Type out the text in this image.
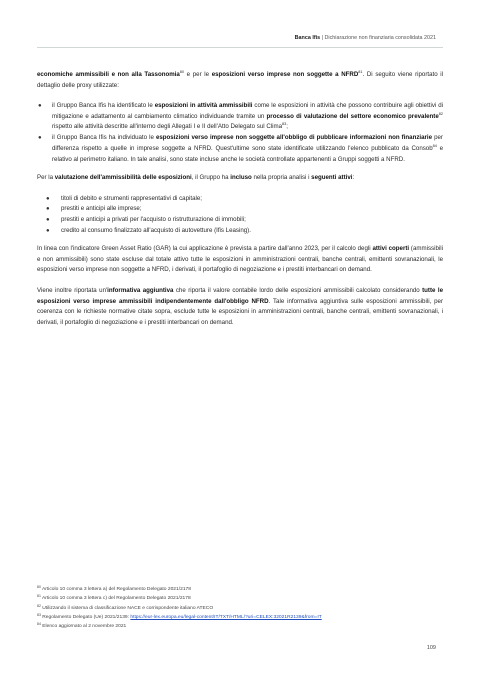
Banca Ifis | Dichiarazione non finanziaria consolidata 2021

economiche ammissibili e non alla Tassonomia$^{80}$ e per le esposizioni verso imprese non soggette a NFRD$^{81}$. Di seguito viene riportato il dettaglio delle proxy utilizzate:

● il Gruppo Banca Ifis ha identificato le esposizioni in attività ammissibili come le esposizioni in attività che possono contribuire agli obiettivi di mitigazione e adattamento al cambiamento climatico individuande tramite un processo di valutazione del settore economico prevalente$^{82}$ rispetto alle attività descritte all'interno degli Allegati I e II dell'Atto Delegato sul Clima$^{83}$;
● il Gruppo Banca Ifis ha individuato le esposizioni verso imprese non soggette all'obbligo di pubblicare informazioni non finanziarie per differenza rispetto a quelle in imprese soggette a NFRD. Quest'ultime sono state identificate utilizzando l'elenco pubblicato da Consob$^{84}$ e relativo al perimetro italiano. In tale analisi, sono state incluse anche le società controllate appartenenti a Gruppi soggetti a NFRD.

Per la valutazione dell'ammissibilità delle esposizioni, il Gruppo ha incluso nella propria analisi i seguenti attivi:

● titoli di debito e strumenti rappresentativi di capitale;
● prestiti e anticipi alle imprese;
● prestiti e anticipi a privati per l'acquisto o ristrutturazione di immobili;
● credito al consumo finalizzato all'acquisto di autovetture (Ifis Leasing).

In linea con l'indicatore Green Asset Ratio (GAR) la cui applicazione è prevista a partire dall'anno 2023, per il calcolo degli attivi coperti (ammissibili e non ammissibili) sono state escluse dal totale attivo tutte le esposizioni in amministrazioni centrali, banche centrali, emittenti sovranazionali, le esposizioni verso imprese non soggette a NFRD, i derivati, il portafoglio di negoziazione e i prestiti interbancari on demand.

Viene inoltre riportata un'informativa aggiuntiva che riporta il valore contabile lordo delle esposizioni ammissibili calcolato considerando tutte le esposizioni verso imprese ammissibili indipendentemente dall'obbligo NFRD. Tale informativa aggiuntiva sulle esposizioni ammissibili, per coerenza con le richieste normative citate sopra, esclude tutte le esposizioni in amministrazioni centrali, banche centrali, emittenti sovranazionali, i derivati, il portafoglio di negoziazione e i prestiti interbancari on demand.

$^{80}$ Articolo 10 comma 3 lettera a) del Regolamento Delegato 2021/2178
$^{81}$ Articolo 10 comma 3 lettera c) del Regolamento Delegato 2021/2178
$^{82}$ Utilizzando il sistema di classificazione NACE e corrispondente italiano ATECO
$^{83}$ Regolamento Delegato (Ue) 2021/2139: https://eur-lex.europa.eu/legal-content/IT/TXT/HTML/?uri=CELEX:32021R2139&from=IT
$^{84}$ Elenco aggiornato al 2 novembre 2021
109
